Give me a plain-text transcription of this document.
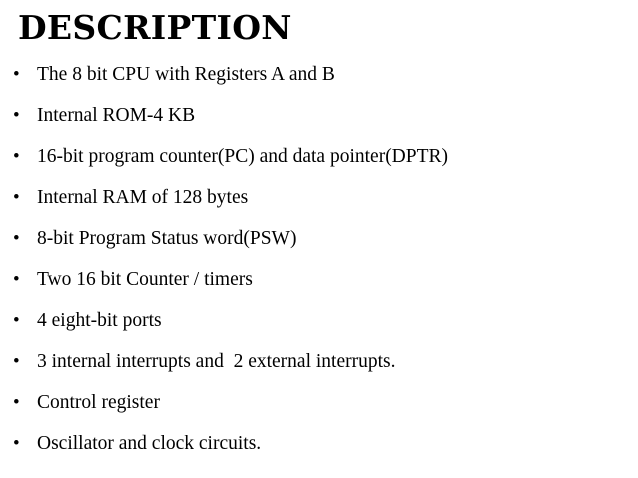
DESCRIPTION
• The 8 bit CPU with Registers A and B
• Internal ROM-4 KB
• 16-bit program counter(PC) and data pointer(DPTR)
• Internal RAM of 128 bytes
• 8-bit Program Status word(PSW)
• Two 16 bit Counter / timers
• 4 eight-bit ports
• 3 internal interrupts and  2 external interrupts.
• Control register
• Oscillator and clock circuits.
